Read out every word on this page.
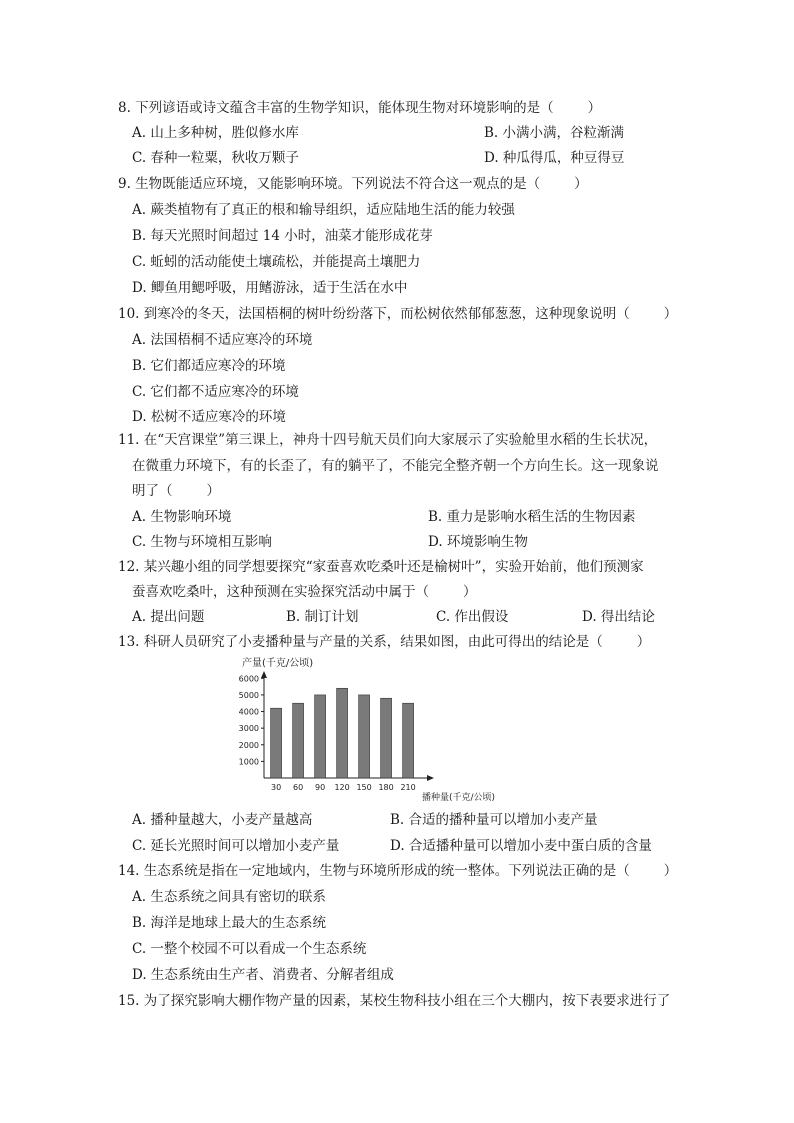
8. 下列谚语或诗文蕴含丰富的生物学知识，能体现生物对环境影响的是（	）
A. 山上多种树，胜似修水库	B. 小满小满，谷粒渐满
C. 春种一粒粟，秋收万颗子	D. 种瓜得瓜，种豆得豆
9. 生物既能适应环境，又能影响环境。下列说法不符合这一观点的是（	）
A. 蕨类植物有了真正的根和输导组织，适应陆地生活的能力较强
B. 每天光照时间超过 14 小时，油菜才能形成花芽
C. 蚯蚓的活动能使土壤疏松，并能提高土壤肥力
D. 鲫鱼用鳃呼吸，用鳍游泳，适于生活在水中
10. 到寒冷的冬天，法国梧桐的树叶纷纷落下，而松树依然郁郁葱葱，这种现象说明（	）
A. 法国梧桐不适应寒冷的环境
B. 它们都适应寒冷的环境
C. 它们都不适应寒冷的环境
D. 松树不适应寒冷的环境
11. 在“天宫课堂”第三课上，神舟十四号航天员们向大家展示了实验舱里水稻的生长状况，
在微重力环境下，有的长歪了，有的躺平了，不能完全整齐朝一个方向生长。这一现象说
明了（	）
A. 生物影响环境	B. 重力是影响水稻生活的生物因素
C. 生物与环境相互影响	D. 环境影响生物
12. 某兴趣小组的同学想要探究“家蚕喜欢吃桑叶还是榆树叶”，实验开始前，他们预测家
蚕喜欢吃桑叶，这种预测在实验探究活动中属于（	）
A. 提出问题	B. 制订计划	C. 作出假设	D. 得出结论
13. 科研人员研究了小麦播种量与产量的关系，结果如图，由此可得出的结论是（	）
产量(千克/公顷)
1000
2000
3000
4000
5000
6000
30 60 90 120 150 180 210
播种量(千克/公顷)
A. 播种量越大，小麦产量越高	B. 合适的播种量可以增加小麦产量
C. 延长光照时间可以增加小麦产量	D. 合适播种量可以增加小麦中蛋白质的含量
14. 生态系统是指在一定地域内，生物与环境所形成的统一整体。下列说法正确的是（	）
A. 生态系统之间具有密切的联系
B. 海洋是地球上最大的生态系统
C. 一整个校园不可以看成一个生态系统
D. 生态系统由生产者、消费者、分解者组成
15. 为了探究影响大棚作物产量的因素，某校生物科技小组在三个大棚内，按下表要求进行了
